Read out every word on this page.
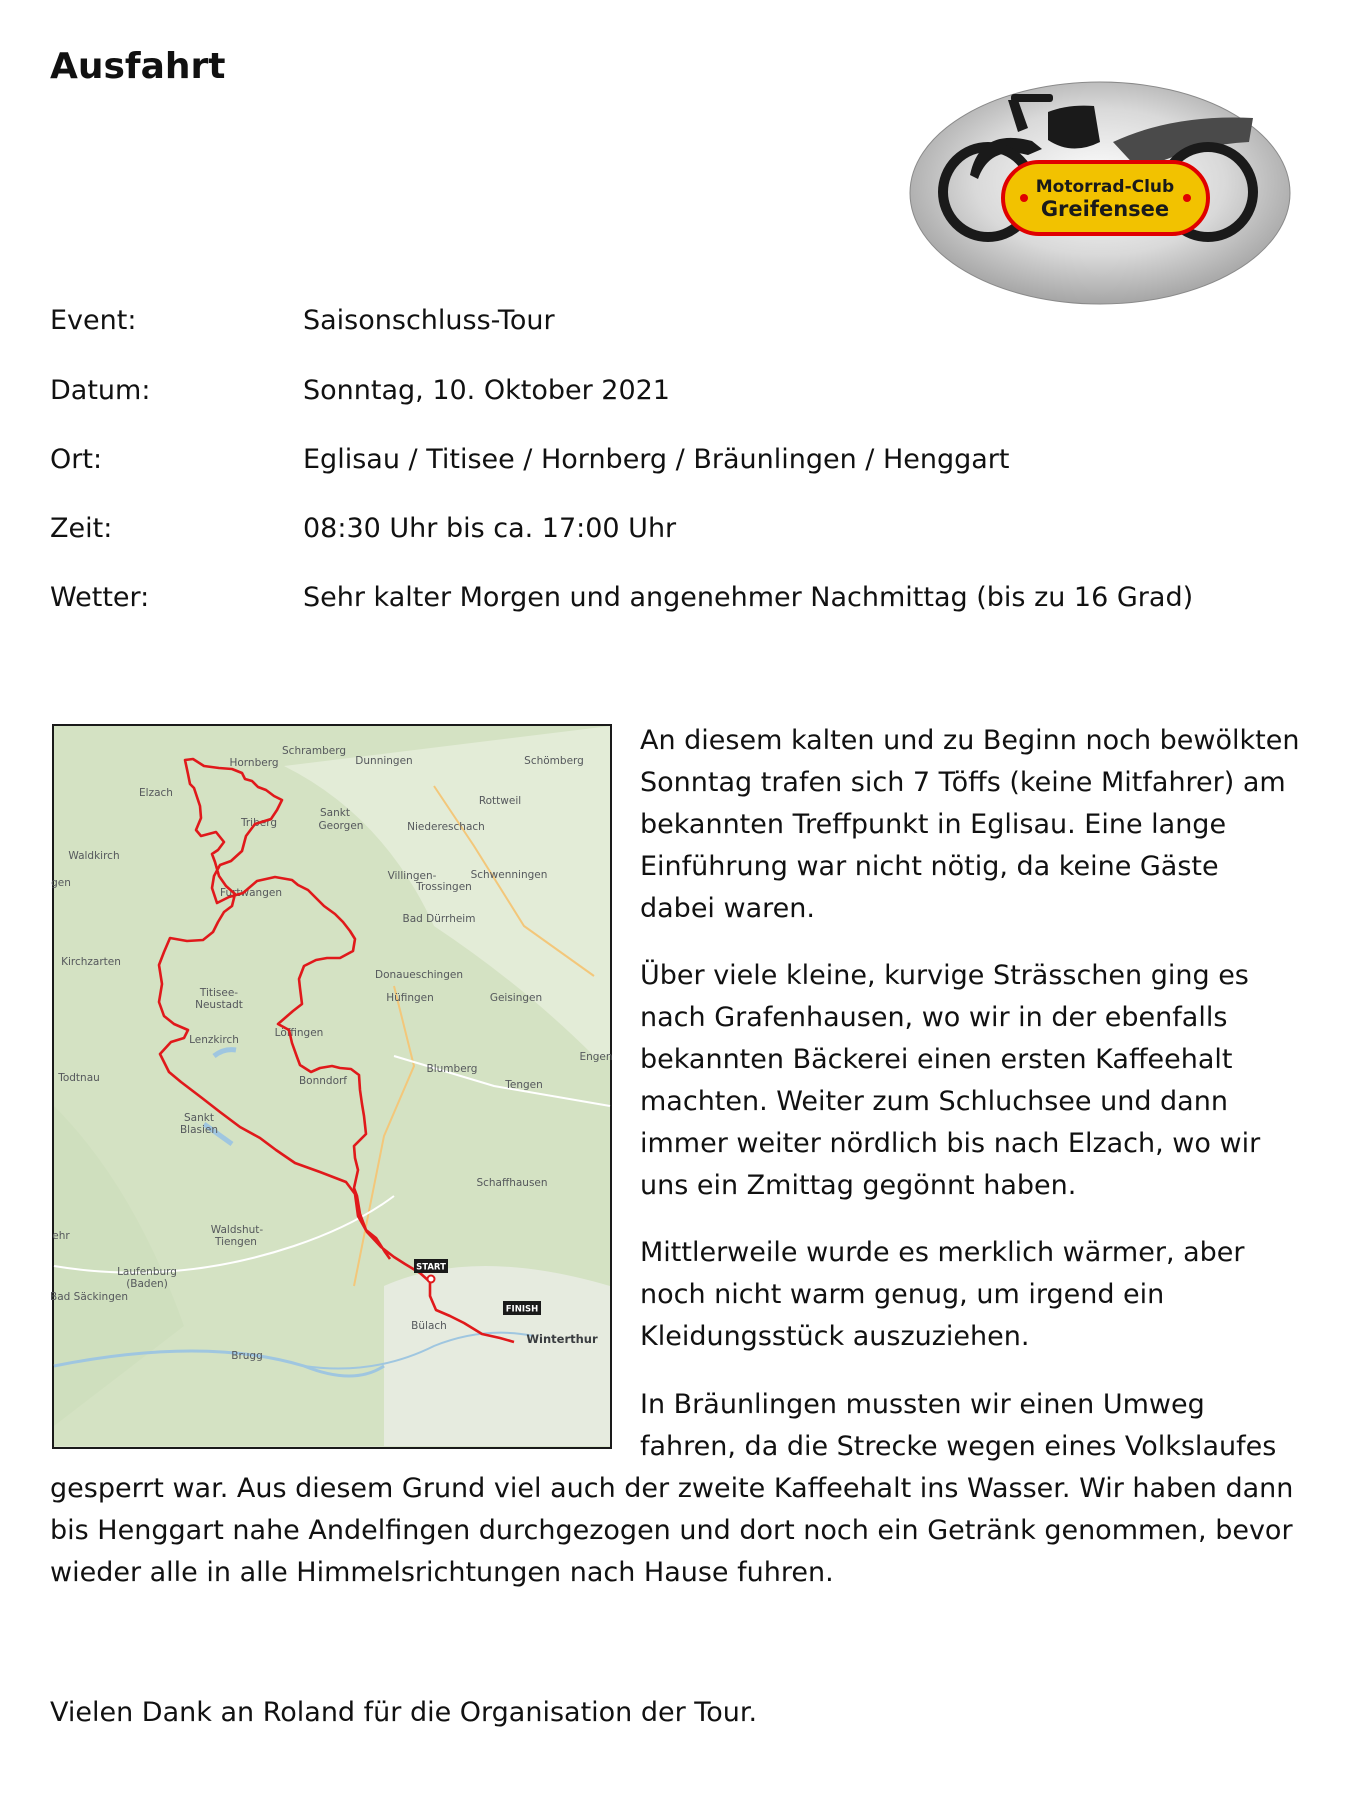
Ausfahrt
Motorrad-Club
Greifensee
Event:	Saisonschluss-Tour
Datum:	Sonntag, 10. Oktober 2021
Ort:	Eglisau / Titisee / Hornberg / Bräunlingen / Henggart
Zeit:	08:30 Uhr bis ca. 17:00 Uhr
Wetter:	Sehr kalter Morgen und angenehmer Nachmittag (bis zu 16 Grad)
Hornberg
Schramberg
Dunningen	Schömberg
Elzach
Rottweil
Triberg
Sankt
Georgen	Niedereschach
Waldkirch
Villingen-	Schwenningen
Trossingen
Furtwangen
Bad Dürrheim
Kirchzarten
Donaueschingen
Hüfingen	Geisingen
Titisee-
Neustadt
Löffingen
Lenzkirch
Blumberg
Todtnau	Bonndorf	Tengen
Engen
Sankt
Blasien
Schaffhausen
Waldshut-
Tiengen
Laufenburg
(Baden)
Bad Säckingen
Bülach
Winterthur
Brugg
gen
ehr
START
FINISH

An diesem kalten und zu Beginn noch bewölkten
Sonntag trafen sich 7 Töffs (keine Mitfahrer) am
bekannten Treffpunkt in Eglisau. Eine lange
Einführung war nicht nötig, da keine Gäste
dabei waren.

Über viele kleine, kurvige Strässchen ging es
nach Grafenhausen, wo wir in der ebenfalls
bekannten Bäckerei einen ersten Kaffeehalt
machten. Weiter zum Schluchsee und dann
immer weiter nördlich bis nach Elzach, wo wir
uns ein Zmittag gegönnt haben.

Mittlerweile wurde es merklich wärmer, aber
noch nicht warm genug, um irgend ein
Kleidungsstück auszuziehen.

In Bräunlingen mussten wir einen Umweg
fahren, da die Strecke wegen eines Volkslaufes

gesperrt war. Aus diesem Grund viel auch der zweite Kaffeehalt ins Wasser. Wir haben dann
bis Henggart nahe Andelfingen durchgezogen und dort noch ein Getränk genommen, bevor
wieder alle in alle Himmelsrichtungen nach Hause fuhren.

Vielen Dank an Roland für die Organisation der Tour.
